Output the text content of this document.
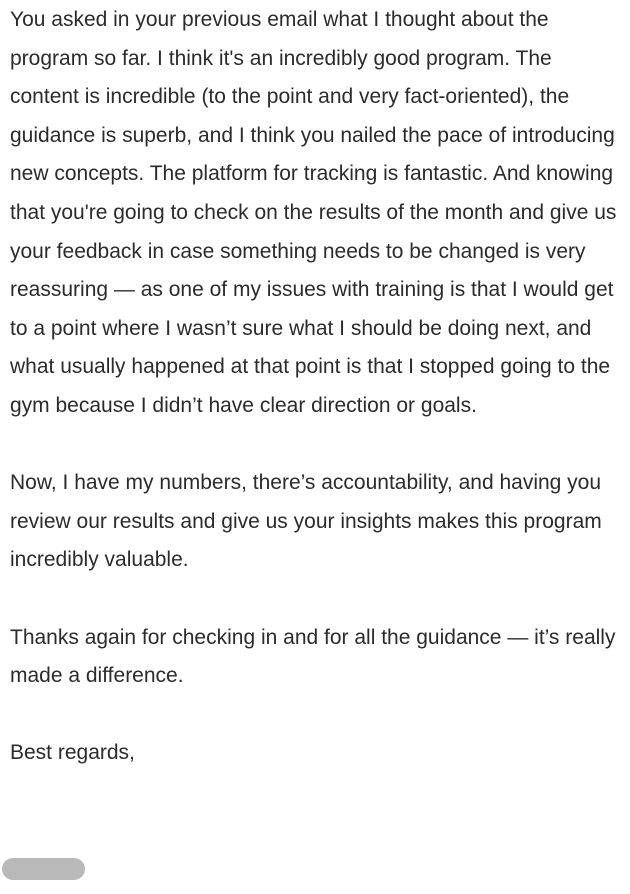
You asked in your previous email what I thought about the program so far. I think it's an incredibly good program. The content is incredible (to the point and very fact-oriented), the guidance is superb, and I think you nailed the pace of introducing new concepts. The platform for tracking is fantastic. And knowing that you're going to check on the results of the month and give us your feedback in case something needs to be changed is very reassuring — as one of my issues with training is that I would get to a point where I wasn’t sure what I should be doing next, and what usually happened at that point is that I stopped going to the gym because I didn’t have clear direction or goals.

Now, I have my numbers, there’s accountability, and having you review our results and give us your insights makes this program incredibly valuable.

Thanks again for checking in and for all the guidance — it’s really made a difference.

Best regards,
